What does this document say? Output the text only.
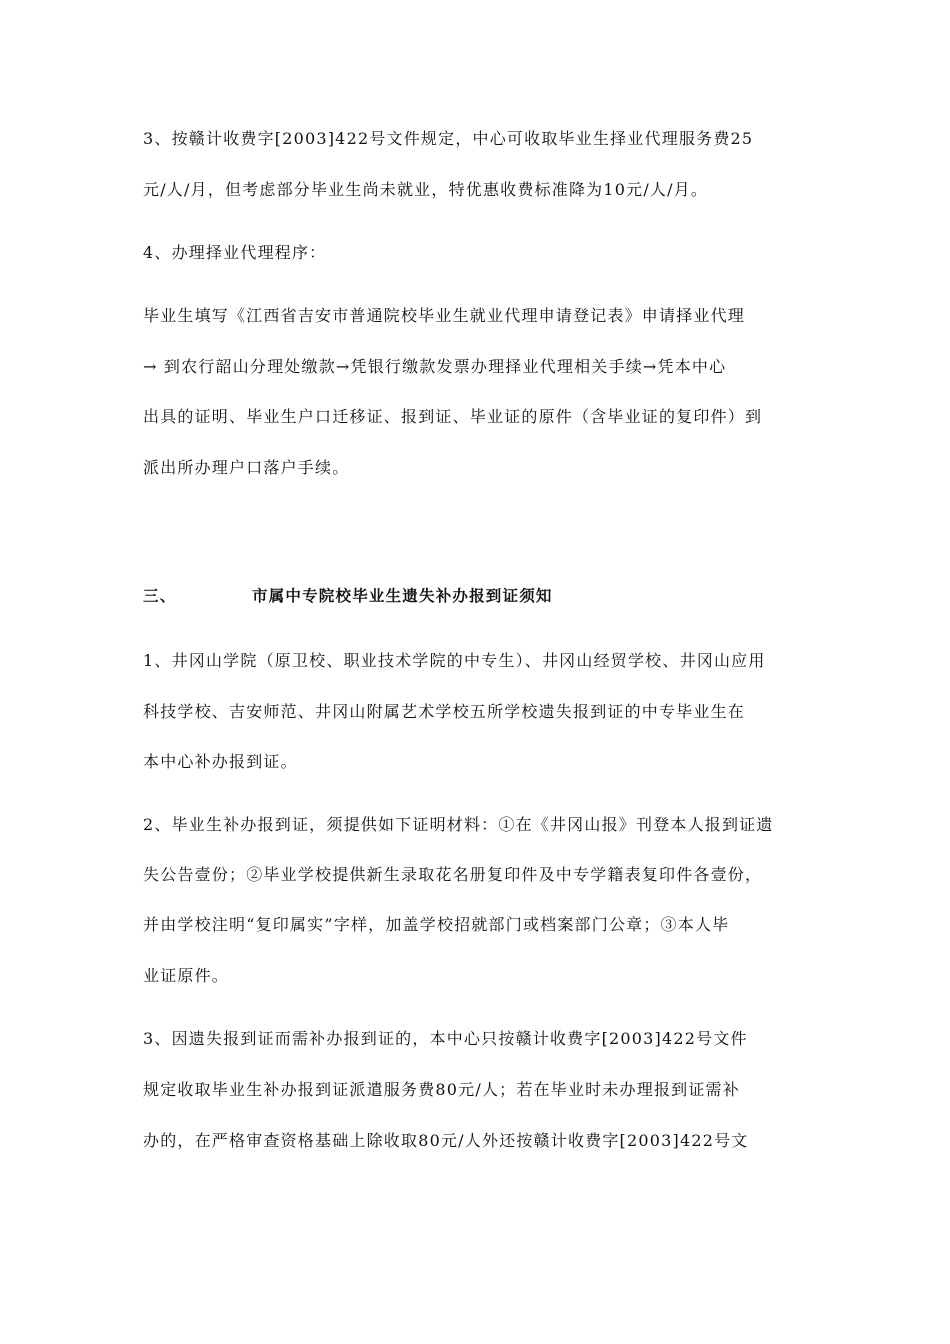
3、按赣计收费字[2003]422号文件规定，中心可收取毕业生择业代理服务费25
元/人/月，但考虑部分毕业生尚未就业，特优惠收费标准降为10元/人/月。
4、办理择业代理程序：
毕业生填写《江西省吉安市普通院校毕业生就业代理申请登记表》申请择业代理
→ 到农行韶山分理处缴款→凭银行缴款发票办理择业代理相关手续→凭本中心
出具的证明、毕业生户口迁移证、报到证、毕业证的原件（含毕业证的复印件）到
派出所办理户口落户手续。
三、	市属中专院校毕业生遗失补办报到证须知
1、井冈山学院（原卫校、职业技术学院的中专生）、井冈山经贸学校、井冈山应用
科技学校、吉安师范、井冈山附属艺术学校五所学校遗失报到证的中专毕业生在
本中心补办报到证。
2、毕业生补办报到证，须提供如下证明材料：①在《井冈山报》刊登本人报到证遗
失公告壹份；②毕业学校提供新生录取花名册复印件及中专学籍表复印件各壹份，
并由学校注明“复印属实”字样，加盖学校招就部门或档案部门公章；③本人毕
业证原件。
3、因遗失报到证而需补办报到证的，本中心只按赣计收费字[2003]422号文件
规定收取毕业生补办报到证派遣服务费80元/人；若在毕业时未办理报到证需补
办的，在严格审查资格基础上除收取80元/人外还按赣计收费字[2003]422号文
